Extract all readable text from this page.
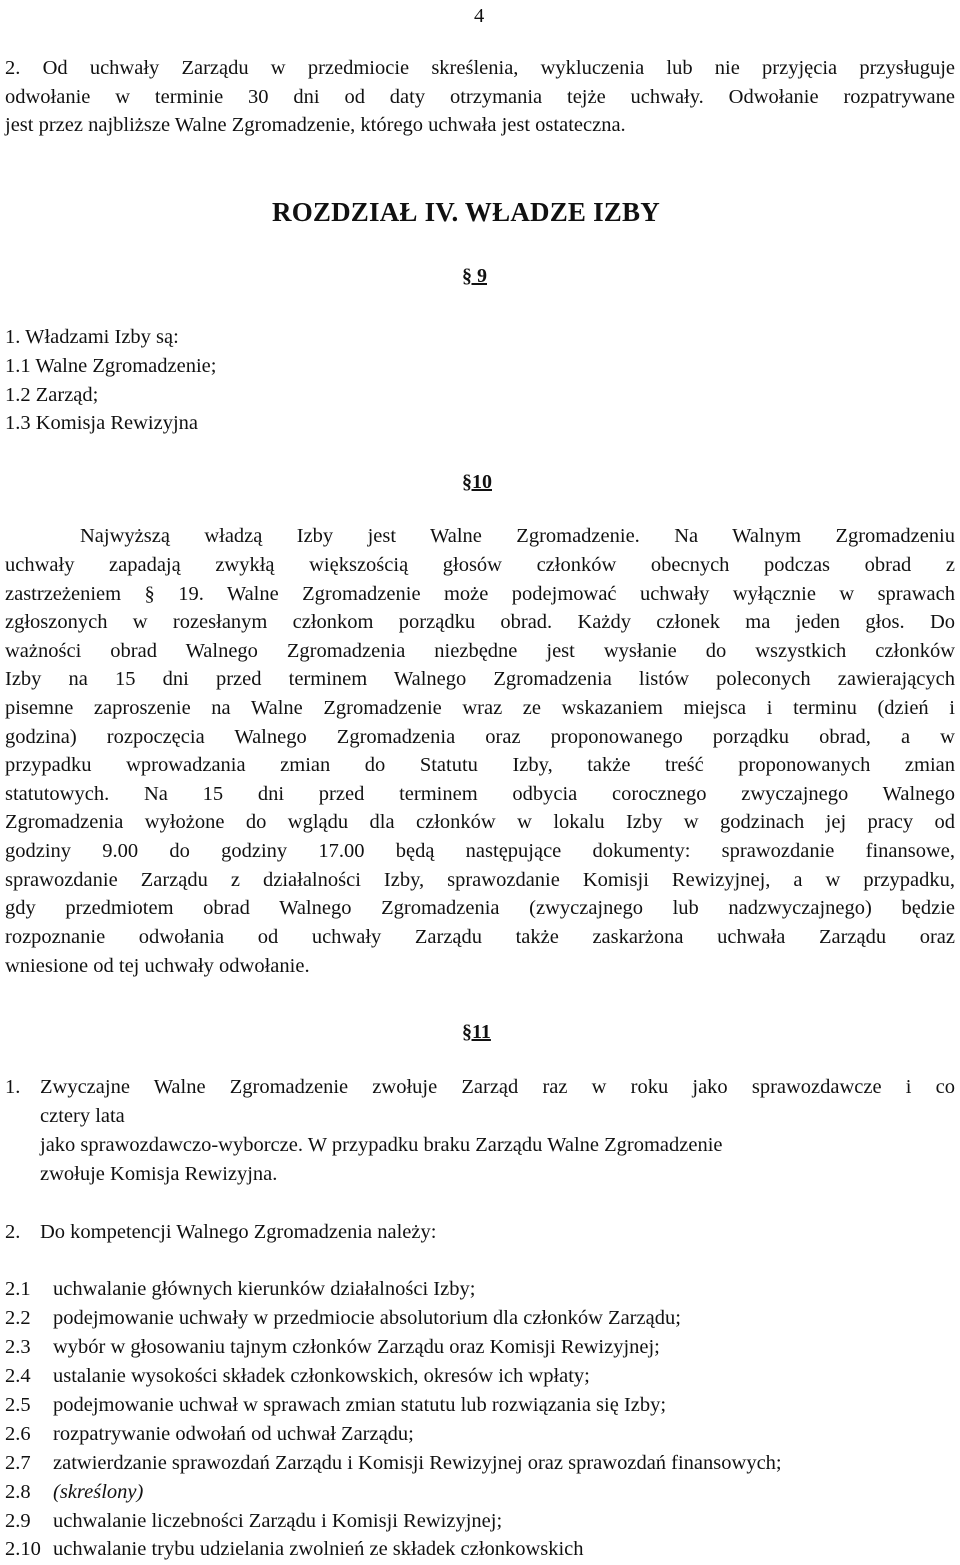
4
2. Od uchwały Zarządu w przedmiocie skreślenia, wykluczenia lub nie przyjęcia przysługuje
odwołanie w terminie 30 dni od daty otrzymania tejże uchwały. Odwołanie rozpatrywane
jest przez najbliższe Walne Zgromadzenie, którego uchwała jest ostateczna.
ROZDZIAŁ IV. WŁADZE IZBY
§ 9
1. Władzami Izby są:
1.1 Walne Zgromadzenie;
1.2 Zarząd;
1.3 Komisja Rewizyjna
§10
Najwyższą władzą Izby jest Walne Zgromadzenie. Na Walnym Zgromadzeniu
uchwały zapadają zwykłą większością głosów członków obecnych podczas obrad z
zastrzeżeniem § 19. Walne Zgromadzenie może podejmować uchwały wyłącznie w sprawach
zgłoszonych w rozesłanym członkom porządku obrad. Każdy członek ma jeden głos. Do
ważności obrad Walnego Zgromadzenia niezbędne jest wysłanie do wszystkich członków
Izby na 15 dni przed terminem Walnego Zgromadzenia listów poleconych zawierających
pisemne zaproszenie na Walne Zgromadzenie wraz ze wskazaniem miejsca i terminu (dzień i
godzina) rozpoczęcia Walnego Zgromadzenia oraz proponowanego porządku obrad, a w
przypadku wprowadzania zmian do Statutu Izby, także treść proponowanych zmian
statutowych. Na 15 dni przed terminem odbycia corocznego zwyczajnego Walnego
Zgromadzenia wyłożone do wglądu dla członków w lokalu Izby w godzinach jej pracy od
godziny 9.00 do godziny 17.00 będą następujące dokumenty: sprawozdanie finansowe,
sprawozdanie Zarządu z działalności Izby, sprawozdanie Komisji Rewizyjnej, a w przypadku,
gdy przedmiotem obrad Walnego Zgromadzenia (zwyczajnego lub nadzwyczajnego) będzie
rozpoznanie odwołania od uchwały Zarządu także zaskarżona uchwała Zarządu oraz
wniesione od tej uchwały odwołanie.
§11
1. Zwyczajne Walne Zgromadzenie zwołuje Zarząd raz w roku jako sprawozdawcze i co
cztery lata
jako sprawozdawczo-wyborcze. W przypadku braku Zarządu Walne Zgromadzenie
zwołuje Komisja Rewizyjna.
2. Do kompetencji Walnego Zgromadzenia należy:
2.1 uchwalanie głównych kierunków działalności Izby;
2.2 podejmowanie uchwały w przedmiocie absolutorium dla członków Zarządu;
2.3 wybór w głosowaniu tajnym członków Zarządu oraz Komisji Rewizyjnej;
2.4 ustalanie wysokości składek członkowskich, okresów ich wpłaty;
2.5 podejmowanie uchwał w sprawach zmian statutu lub rozwiązania się Izby;
2.6 rozpatrywanie odwołań od uchwał Zarządu;
2.7 zatwierdzanie sprawozdań Zarządu i Komisji Rewizyjnej oraz sprawozdań finansowych;
2.8 (skreślony)
2.9 uchwalanie liczebności Zarządu i Komisji Rewizyjnej;
2.10 uchwalanie trybu udzielania zwolnień ze składek członkowskich
